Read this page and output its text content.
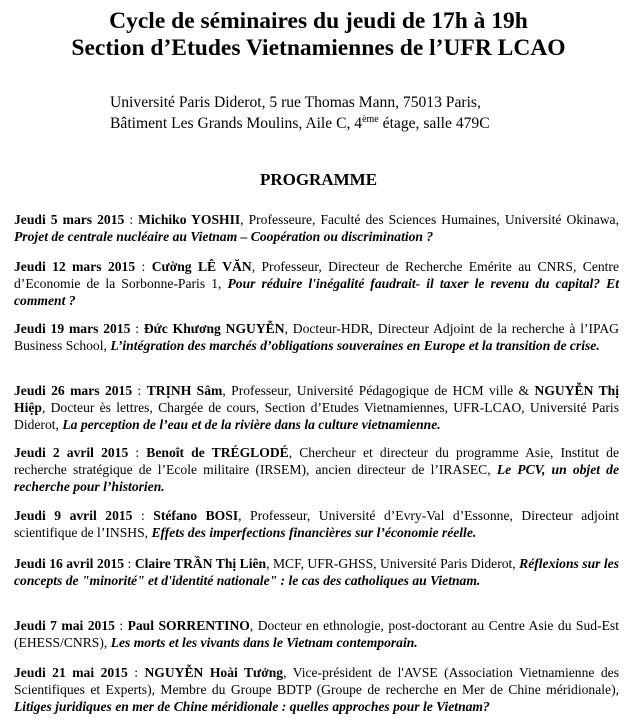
Cycle de séminaires du jeudi de 17h à 19h
Section d’Etudes Vietnamiennes de l’UFR LCAO
Université Paris Diderot, 5 rue Thomas Mann, 75013 Paris,
Bâtiment Les Grands Moulins, Aile C, 4ème étage, salle 479C
PROGRAMME
Jeudi 5 mars 2015 : Michiko YOSHII, Professeure, Faculté des Sciences Humaines, Université Okinawa, Projet de centrale nucléaire au Vietnam – Coopération ou discrimination ?
Jeudi 12 mars 2015 : Cường LÊ VĂN, Professeur, Directeur de Recherche Emérite au CNRS, Centre d’Economie de la Sorbonne-Paris 1, Pour réduire l'inégalité faudrait- il taxer le revenu du capital? Et comment ?
Jeudi 19 mars 2015 : Đức Khương NGUYỄN, Docteur-HDR, Directeur Adjoint de la recherche à l’IPAG Business School, L’intégration des marchés d’obligations souveraines en Europe et la transition de crise.
Jeudi 26 mars 2015 : TRỊNH Sâm, Professeur, Université Pédagogique de HCM ville & NGUYỄN Thị Hiệp, Docteur ès lettres, Chargée de cours, Section d’Etudes Vietnamiennes, UFR-LCAO, Université Paris Diderot, La perception de l’eau et de la rivière dans la culture vietnamienne.
Jeudi 2 avril 2015 : Benoît de TRÉGLODÉ, Chercheur et directeur du programme Asie, Institut de recherche stratégique de l’Ecole militaire (IRSEM), ancien directeur de l’IRASEC, Le PCV, un objet de recherche pour l’historien.
Jeudi 9 avril 2015 : Stéfano BOSI, Professeur, Université d’Evry-Val d’Essonne, Directeur adjoint scientifique de l’INSHS, Effets des imperfections financières sur l’économie réelle.
Jeudi 16 avril 2015 : Claire TRẦN Thị Liên, MCF, UFR-GHSS, Université Paris Diderot, Réflexions sur les concepts de "minorité" et d'identité nationale" : le cas des catholiques au Vietnam.
Jeudi 7 mai 2015 : Paul SORRENTINO, Docteur en ethnologie, post-doctorant au Centre Asie du Sud-Est (EHESS/CNRS), Les morts et les vivants dans le Vietnam contemporain.
Jeudi 21 mai 2015 : NGUYỄN Hoài Tưởng, Vice-président de l'AVSE (Association Vietnamienne des Scientifiques et Experts), Membre du Groupe BDTP (Groupe de recherche en Mer de Chine méridionale), Litiges juridiques en mer de Chine méridionale : quelles approches pour le Vietnam?
